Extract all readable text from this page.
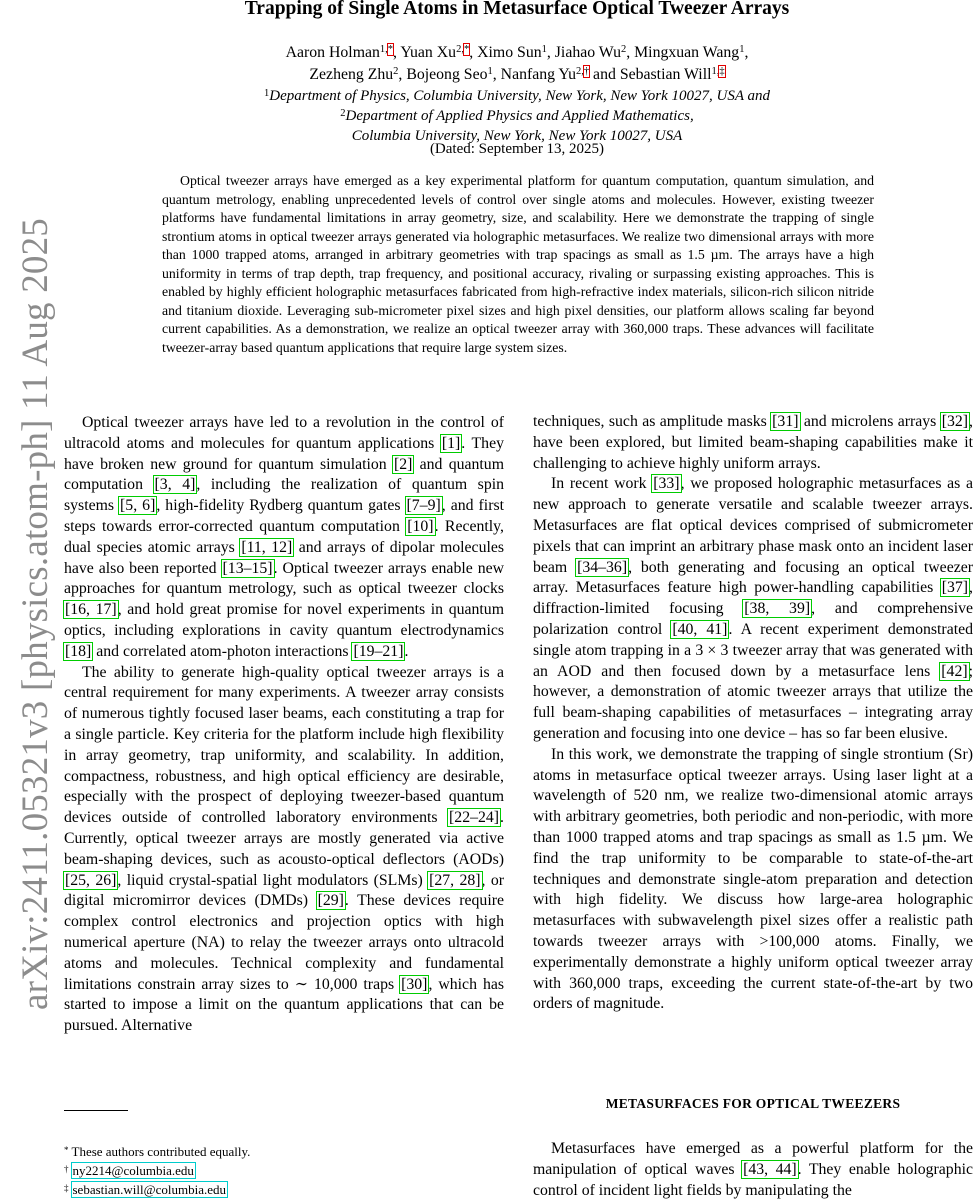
arXiv:2411.05321v3 [physics.atom-ph] 11 Aug 2025
Trapping of Single Atoms in Metasurface Optical Tweezer Arrays
Aaron Holman$^{1,*}$, Yuan $Xu^{2,*}$, Ximo Sun$^1$, Jiahao Wu$^2$, Mingxuan Wang$^1$,
Zezheng Zhu$^2$, Bojeong Seo$^1$, Nanfang $Yu^{2,\dagger}$ and Sebastian Will$^{1,\ddagger}$
$^1$Department of Physics, Columbia University, New York, New York 10027, USA and
$^2$Department of Applied Physics and Applied Mathematics,
Columbia University, New York, New York 10027, USA
(Dated: September 13, 2025)

Optical tweezer arrays have emerged as a key experimental platform for quantum computation, quantum simulation, and quantum metrology, enabling unprecedented levels of control over single atoms and molecules. However, existing tweezer platforms have fundamental limitations in array geometry, size, and scalability. Here we demonstrate the trapping of single strontium atoms in optical tweezer arrays generated via holographic metasurfaces. We realize two dimensional arrays with more than 1000 trapped atoms, arranged in arbitrary geometries with trap spacings as small as 1.5 µm. The arrays have a high uniformity in terms of trap depth, trap frequency, and positional accuracy, rivaling or surpassing existing approaches. This is enabled by highly efficient holographic metasurfaces fabricated from high-refractive index materials, silicon-rich silicon nitride and titanium dioxide. Leveraging sub-micrometer pixel sizes and high pixel densities, our platform allows scaling far beyond current capabilities. As a demonstration, we realize an optical tweezer array with 360,000 traps. These advances will facilitate tweezer-array based quantum applications that require large system sizes.

Optical tweezer arrays have led to a revolution in the control of ultracold atoms and molecules for quantum applications [1]. They have broken new ground for quantum simulation [2] and quantum computation [3, 4], including the realization of quantum spin systems [5, 6], high-fidelity Rydberg quantum gates [7–9], and first steps towards error-corrected quantum computation [10]. Recently, dual species atomic arrays [11, 12] and arrays of dipolar molecules have also been reported [13–15]. Optical tweezer arrays enable new approaches for quantum metrology, such as optical tweezer clocks [16, 17], and hold great promise for novel experiments in quantum optics, including explorations in cavity quantum electrodynamics [18] and correlated atom-photon interactions [19–21].

The ability to generate high-quality optical tweezer arrays is a central requirement for many experiments. A tweezer array consists of numerous tightly focused laser beams, each constituting a trap for a single particle. Key criteria for the platform include high flexibility in array geometry, trap uniformity, and scalability. In addition, compactness, robustness, and high optical efficiency are desirable, especially with the prospect of deploying tweezer-based quantum devices outside of controlled laboratory environments [22–24]. Currently, optical tweezer arrays are mostly generated via active beam-shaping devices, such as acousto-optical deflectors (AODs) [25, 26], liquid crystal-spatial light modulators (SLMs) [27, 28], or digital micromirror devices (DMDs) [29]. These devices require complex control electronics and projection optics with high numerical aperture (NA) to relay the tweezer arrays onto ultracold atoms and molecules. Technical complexity and fundamental limitations constrain array sizes to ∼ 10,000 traps [30], which has started to impose a limit on the quantum applications that can be pursued. Alternative

techniques, such as amplitude masks [31] and microlens arrays [32], have been explored, but limited beam-shaping capabilities make it challenging to achieve highly uniform arrays.

In recent work [33], we proposed holographic metasurfaces as a new approach to generate versatile and scalable tweezer arrays. Metasurfaces are flat optical devices comprised of submicrometer pixels that can imprint an arbitrary phase mask onto an incident laser beam [34–36], both generating and focusing an optical tweezer array. Metasurfaces feature high power-handling capabilities [37], diffraction-limited focusing [38, 39], and comprehensive polarization control [40, 41]. A recent experiment demonstrated single atom trapping in a 3 × 3 tweezer array that was generated with an AOD and then focused down by a metasurface lens [42]; however, a demonstration of atomic tweezer arrays that utilize the full beam-shaping capabilities of metasurfaces – integrating array generation and focusing into one device – has so far been elusive.

In this work, we demonstrate the trapping of single strontium (Sr) atoms in metasurface optical tweezer arrays. Using laser light at a wavelength of 520 nm, we realize two-dimensional atomic arrays with arbitrary geometries, both periodic and non-periodic, with more than 1000 trapped atoms and trap spacings as small as 1.5 µm. We find the trap uniformity to be comparable to state-of-the-art techniques and demonstrate single-atom preparation and detection with high fidelity. We discuss how large-area holographic metasurfaces with subwavelength pixel sizes offer a realistic path towards tweezer arrays with >100,000 atoms. Finally, we experimentally demonstrate a highly uniform optical tweezer array with 360,000 traps, exceeding the current state-of-the-art by two orders of magnitude.

METASURFACES FOR OPTICAL TWEEZERS

Metasurfaces have emerged as a powerful platform for the manipulation of optical waves [43, 44]. They enable holographic control of incident light fields by manipulating the

* These authors contributed equally.
† ny2214@columbia.edu
‡ sebastian.will@columbia.edu
